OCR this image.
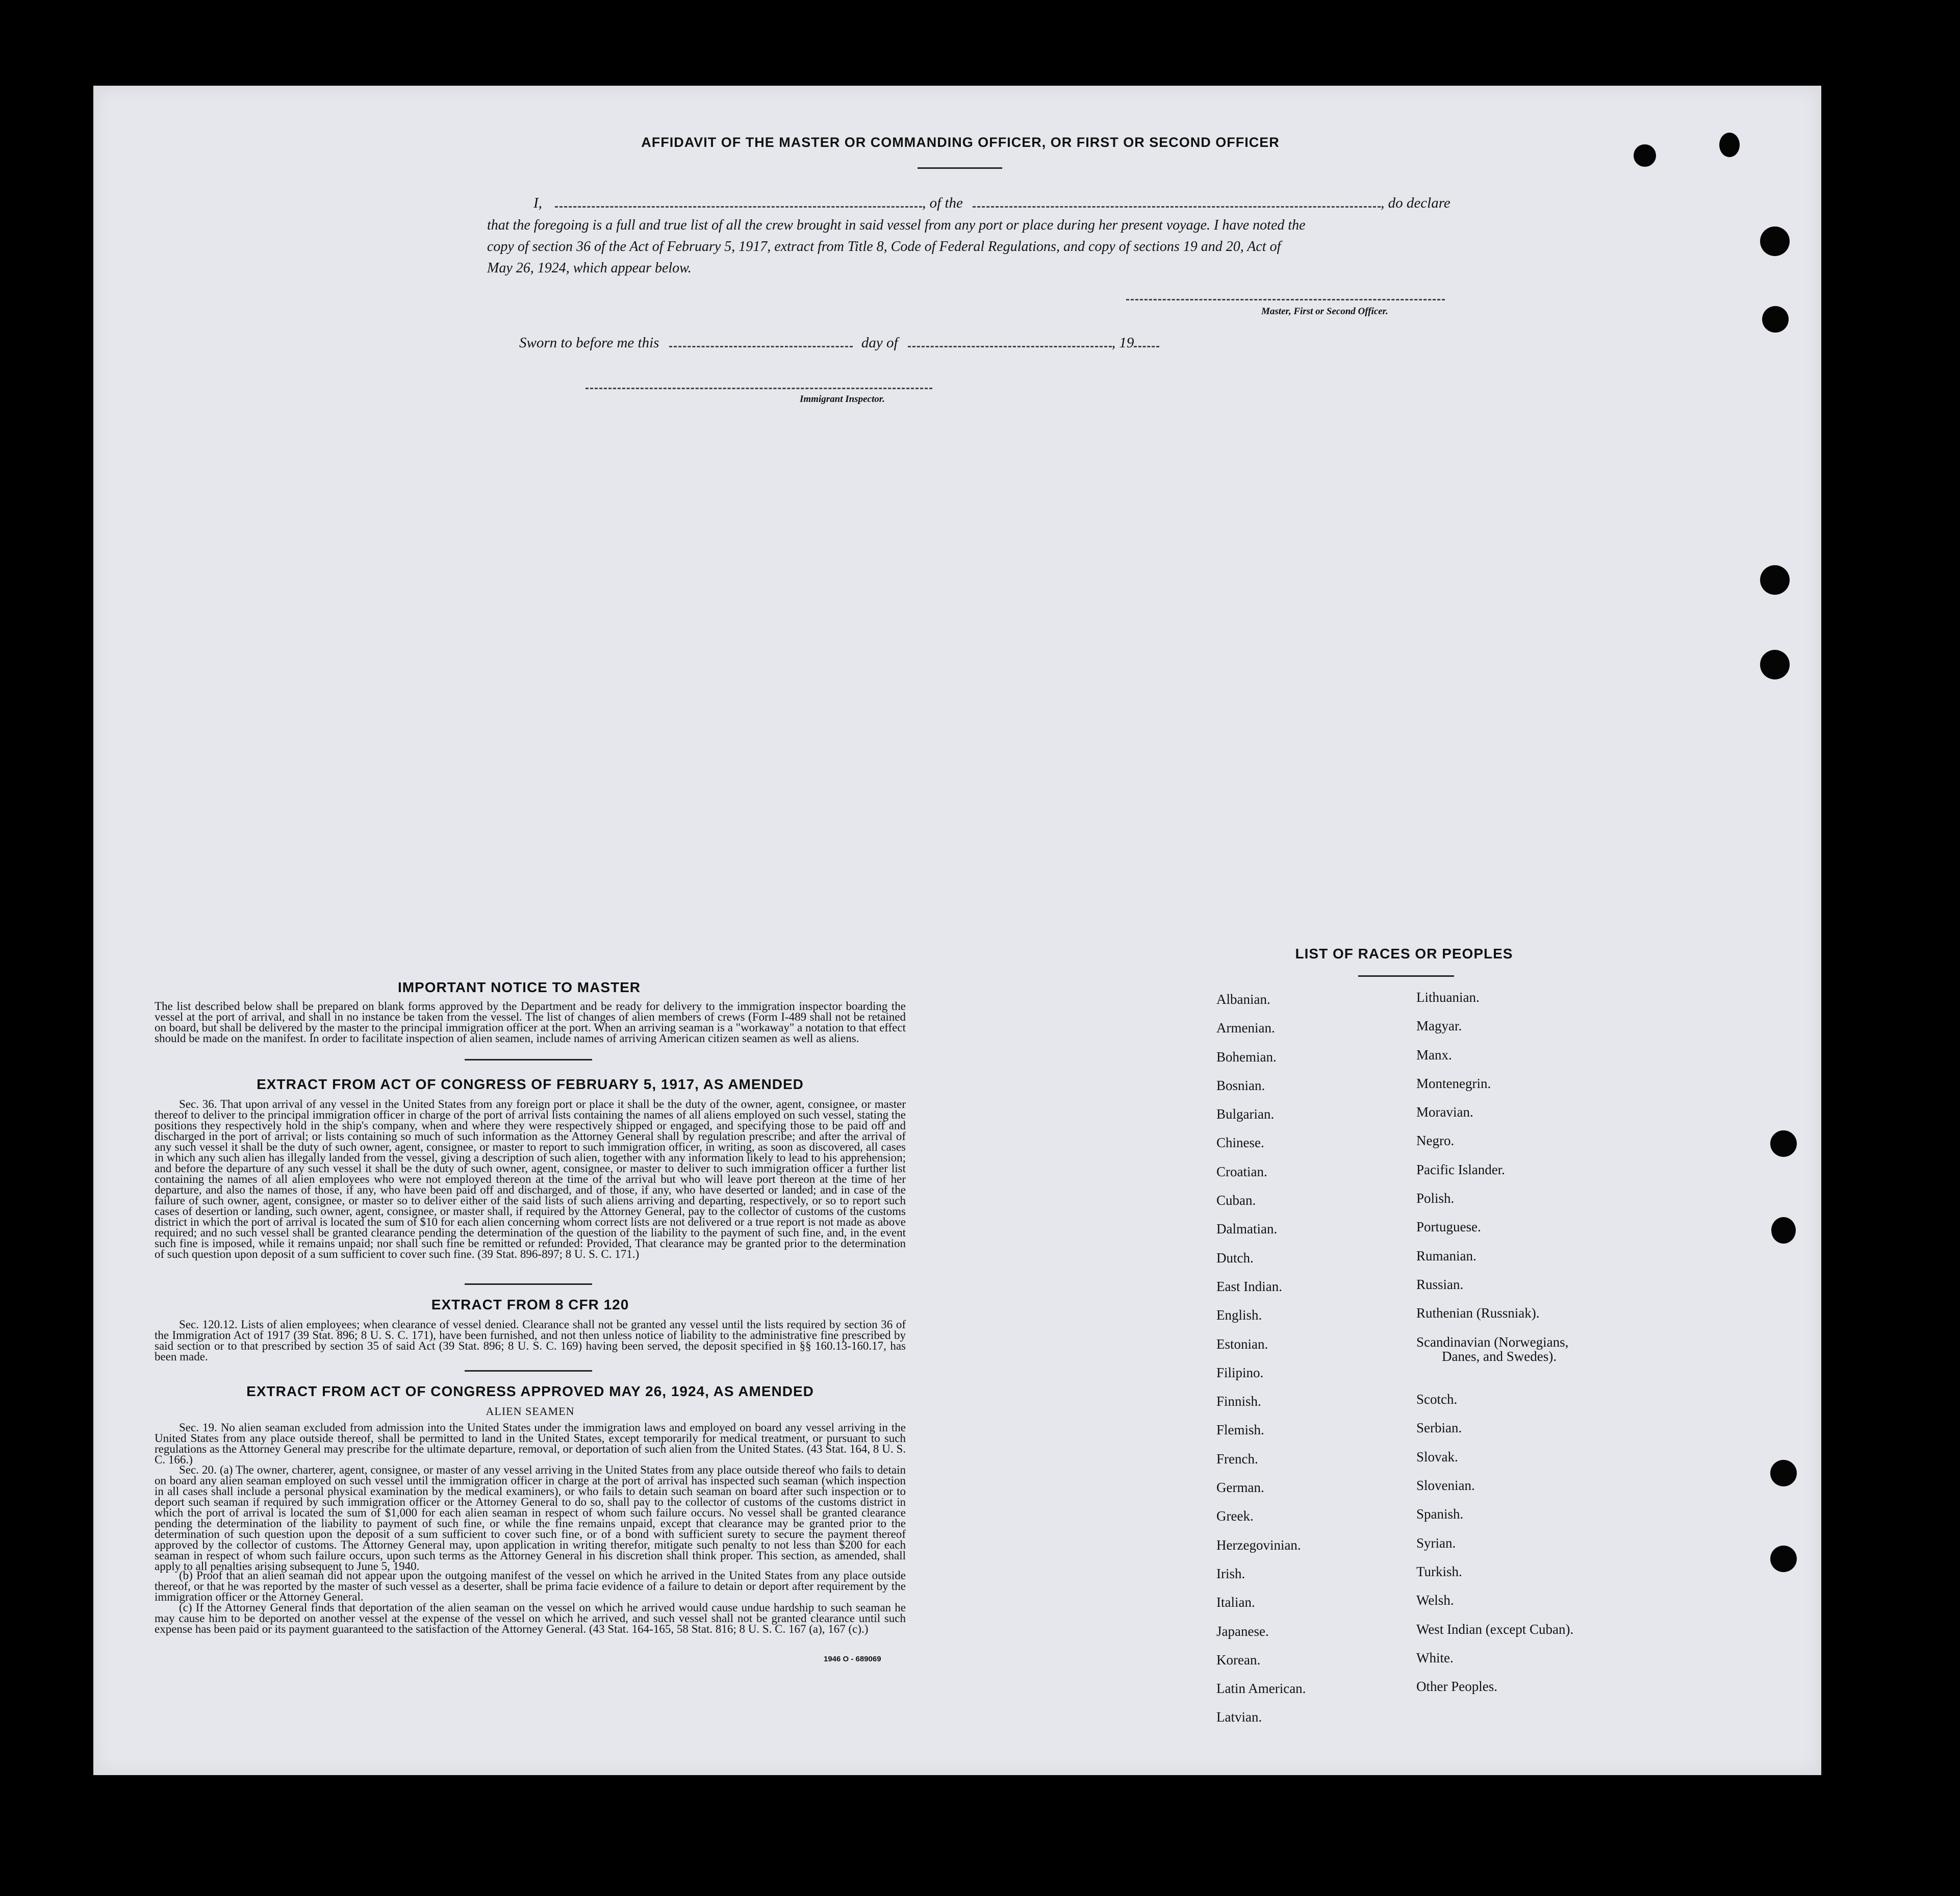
AFFIDAVIT OF THE MASTER OR COMMANDING OFFICER, OR FIRST OR SECOND OFFICER
I,	, of the	, do declare
that the foregoing is a full and true list of all the crew brought in said vessel from any port or place during her present voyage. I have noted the
copy of section 36 of the Act of February 5, 1917, extract from Title 8, Code of Federal Regulations, and copy of sections 19 and 20, Act of
May 26, 1924, which appear below.
Master, First or Second Officer.
Sworn to before me this	day of	, 19
Immigrant Inspector.
IMPORTANT NOTICE TO MASTER
The list described below shall be prepared on blank forms approved by the Department and be ready for delivery to the immigration inspector boarding the vessel at the port of arrival, and shall in no instance be taken from the vessel. The list of changes of alien members of crews (Form I-489 shall not be retained on board, but shall be delivered by the master to the principal immigration officer at the port. When an arriving seaman is a "workaway" a notation to that effect should be made on the manifest. In order to facilitate inspection of alien seamen, include names of arriving American citizen seamen as well as aliens.
EXTRACT FROM ACT OF CONGRESS OF FEBRUARY 5, 1917, AS AMENDED
Sec. 36. That upon arrival of any vessel in the United States from any foreign port or place it shall be the duty of the owner, agent, consignee, or master thereof to deliver to the principal immigration officer in charge of the port of arrival lists containing the names of all aliens employed on such vessel, stating the positions they respectively hold in the ship's company, when and where they were respectively shipped or engaged, and specifying those to be paid off and discharged in the port of arrival; or lists containing so much of such information as the Attorney General shall by regulation prescribe; and after the arrival of any such vessel it shall be the duty of such owner, agent, consignee, or master to report to such immigration officer, in writing, as soon as discovered, all cases in which any such alien has illegally landed from the vessel, giving a description of such alien, together with any information likely to lead to his apprehension; and before the departure of any such vessel it shall be the duty of such owner, agent, consignee, or master to deliver to such immigration officer a further list containing the names of all alien employees who were not employed thereon at the time of the arrival but who will leave port thereon at the time of her departure, and also the names of those, if any, who have been paid off and discharged, and of those, if any, who have deserted or landed; and in case of the failure of such owner, agent, consignee, or master so to deliver either of the said lists of such aliens arriving and departing, respectively, or so to report such cases of desertion or landing, such owner, agent, consignee, or master shall, if required by the Attorney General, pay to the collector of customs of the customs district in which the port of arrival is located the sum of $10 for each alien concerning whom correct lists are not delivered or a true report is not made as above required; and no such vessel shall be granted clearance pending the determination of the question of the liability to the payment of such fine, and, in the event such fine is imposed, while it remains unpaid; nor shall such fine be remitted or refunded: Provided, That clearance may be granted prior to the determination of such question upon deposit of a sum sufficient to cover such fine. (39 Stat. 896-897; 8 U. S. C. 171.)
EXTRACT FROM 8 CFR 120
Sec. 120.12. Lists of alien employees; when clearance of vessel denied. Clearance shall not be granted any vessel until the lists required by section 36 of the Immigration Act of 1917 (39 Stat. 896; 8 U. S. C. 171), have been furnished, and not then unless notice of liability to the administrative fine prescribed by said section or to that prescribed by section 35 of said Act (39 Stat. 896; 8 U. S. C. 169) having been served, the deposit specified in §§ 160.13-160.17, has been made.
EXTRACT FROM ACT OF CONGRESS APPROVED MAY 26, 1924, AS AMENDED
ALIEN SEAMEN
Sec. 19. No alien seaman excluded from admission into the United States under the immigration laws and employed on board any vessel arriving in the United States from any place outside thereof, shall be permitted to land in the United States, except temporarily for medical treatment, or pursuant to such regulations as the Attorney General may prescribe for the ultimate departure, removal, or deportation of such alien from the United States. (43 Stat. 164, 8 U. S. C. 166.)
Sec. 20. (a) The owner, charterer, agent, consignee, or master of any vessel arriving in the United States from any place outside thereof who fails to detain on board any alien seaman employed on such vessel until the immigration officer in charge at the port of arrival has inspected such seaman (which inspection in all cases shall include a personal physical examination by the medical examiners), or who fails to detain such seaman on board after such inspection or to deport such seaman if required by such immigration officer or the Attorney General to do so, shall pay to the collector of customs of the customs district in which the port of arrival is located the sum of $1,000 for each alien seaman in respect of whom such failure occurs. No vessel shall be granted clearance pending the determination of the liability to payment of such fine, or while the fine remains unpaid, except that clearance may be granted prior to the determination of such question upon the deposit of a sum sufficient to cover such fine, or of a bond with sufficient surety to secure the payment thereof approved by the collector of customs. The Attorney General may, upon application in writing therefor, mitigate such penalty to not less than $200 for each seaman in respect of whom such failure occurs, upon such terms as the Attorney General in his discretion shall think proper. This section, as amended, shall apply to all penalties arising subsequent to June 5, 1940.
(b) Proof that an alien seaman did not appear upon the outgoing manifest of the vessel on which he arrived in the United States from any place outside thereof, or that he was reported by the master of such vessel as a deserter, shall be prima facie evidence of a failure to detain or deport after requirement by the immigration officer or the Attorney General.
(c) If the Attorney General finds that deportation of the alien seaman on the vessel on which he arrived would cause undue hardship to such seaman he may cause him to be deported on another vessel at the expense of the vessel on which he arrived, and such vessel shall not be granted clearance until such expense has been paid or its payment guaranteed to the satisfaction of the Attorney General. (43 Stat. 164-165, 58 Stat. 816; 8 U. S. C. 167 (a), 167 (c).)
1946 O - 689069
LIST OF RACES OR PEOPLES
Albanian.
Armenian.
Bohemian.
Bosnian.
Bulgarian.
Chinese.
Croatian.
Cuban.
Dalmatian.
Dutch.
East Indian.
English.
Estonian.
Filipino.
Finnish.
Flemish.
French.
German.
Greek.
Herzegovinian.
Irish.
Italian.
Japanese.
Korean.
Latin American.
Latvian.
Lithuanian.
Magyar.
Manx.
Montenegrin.
Moravian.
Negro.
Pacific Islander.
Polish.
Portuguese.
Rumanian.
Russian.
Ruthenian (Russniak).
Scandinavian (Norwegians,
Danes, and Swedes).
Scotch.
Serbian.
Slovak.
Slovenian.
Spanish.
Syrian.
Turkish.
Welsh.
West Indian (except Cuban).
White.
Other Peoples.
